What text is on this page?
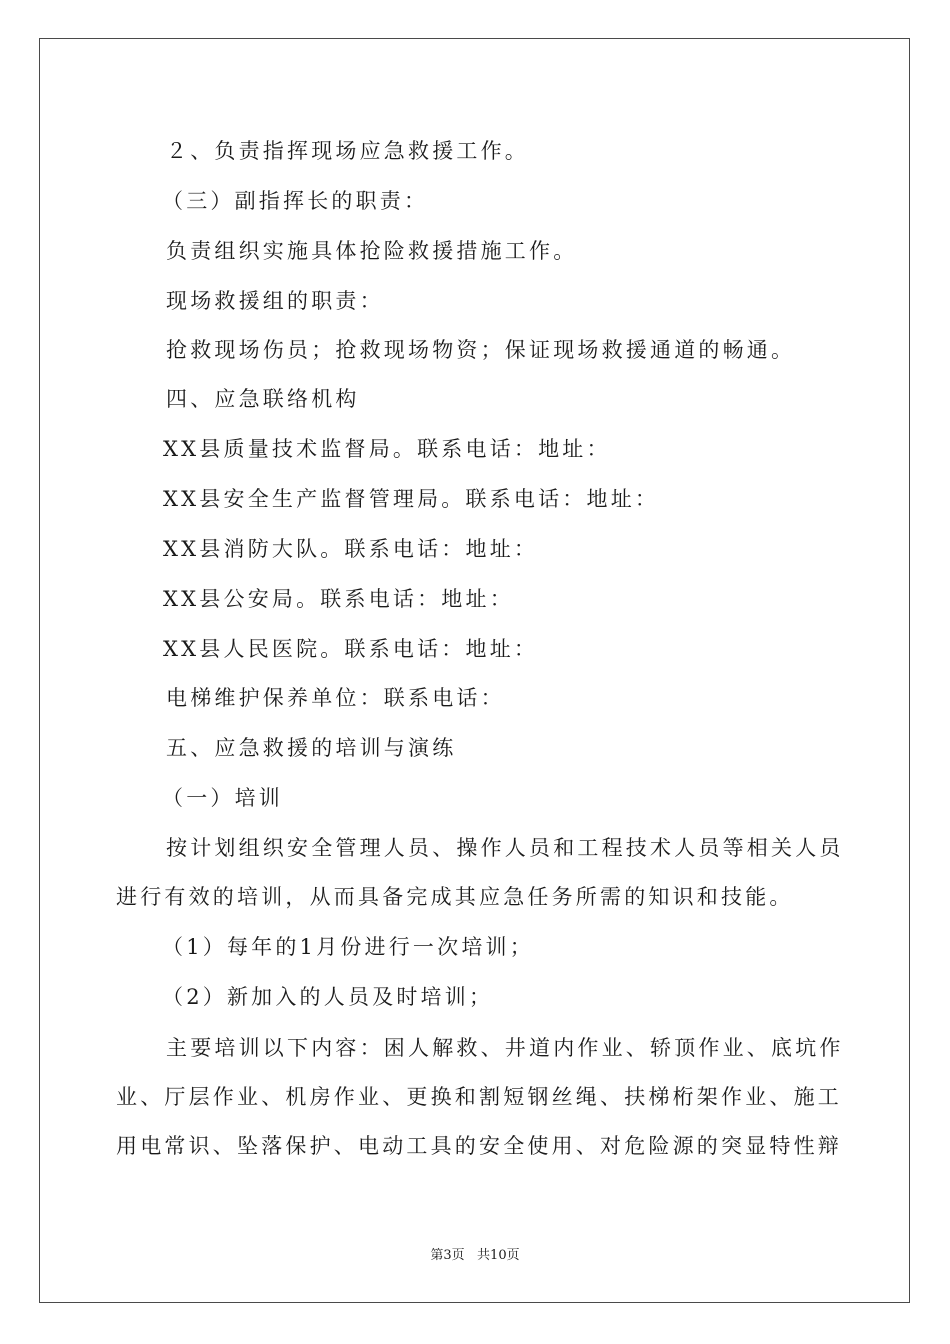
２、负责指挥现场应急救援工作。
（三）副指挥长的职责：
负责组织实施具体抢险救援措施工作。
现场救援组的职责：
抢救现场伤员；抢救现场物资；保证现场救援通道的畅通。
四、应急联络机构
XX县质量技术监督局。联系电话：地址：
XX县安全生产监督管理局。联系电话：地址：
XX县消防大队。联系电话：地址：
XX县公安局。联系电话：地址：
XX县人民医院。联系电话：地址：
电梯维护保养单位：联系电话：
五、应急救援的培训与演练
（一）培训
按计划组织安全管理人员、操作人员和工程技术人员等相关人员
进行有效的培训，从而具备完成其应急任务所需的知识和技能。
（1）每年的1月份进行一次培训；
（2）新加入的人员及时培训；
主要培训以下内容：困人解救、井道内作业、轿顶作业、底坑作
业、厅层作业、机房作业、更换和割短钢丝绳、扶梯桁架作业、施工
用电常识、坠落保护、电动工具的安全使用、对危险源的突显特性辩
第3页   共10页
